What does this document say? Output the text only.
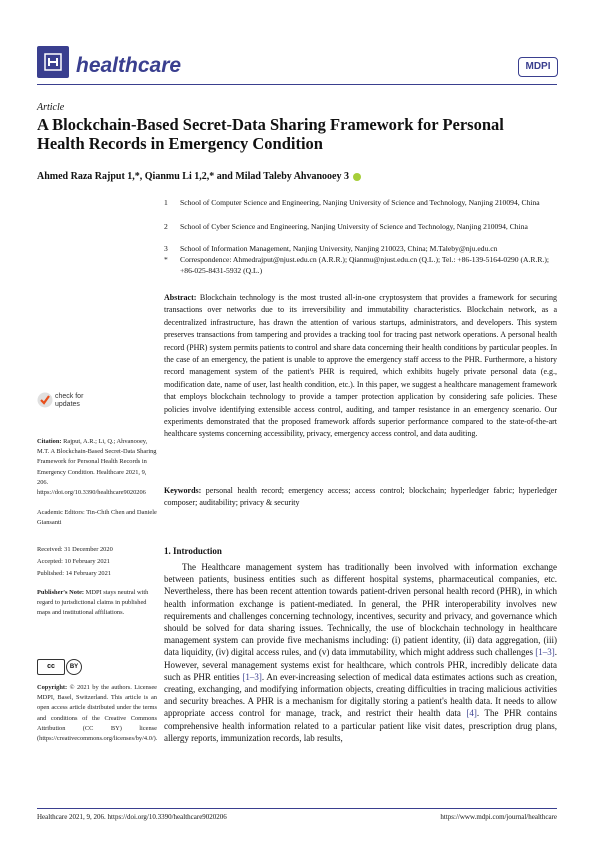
healthcare	MDPI
Article
A Blockchain-Based Secret-Data Sharing Framework for Personal Health Records in Emergency Condition
Ahmed Raza Rajput 1,*, Qianmu Li 1,2,* and Milad Taleby Ahvanooey 3
1	School of Computer Science and Engineering, Nanjing University of Science and Technology, Nanjing 210094, China
2	School of Cyber Science and Engineering, Nanjing University of Science and Technology, Nanjing 210094, China
3	School of Information Management, Nanjing University, Nanjing 210023, China; M.Taleby@nju.edu.cn
*	Correspondence: Ahmedrajput@njust.edu.cn (A.R.R.); Qianmu@njust.edu.cn (Q.L.); Tel.: +86-139-5164-0290 (A.R.R.); +86-025-8431-5932 (Q.L.)
Abstract: Blockchain technology is the most trusted all-in-one cryptosystem that provides a framework for securing transactions over networks due to its irreversibility and immutability characteristics. Blockchain network, as a decentralized infrastructure, has drawn the attention of various startups, administrators, and developers. This system preserves transactions from tampering and provides a tracking tool for tracing past network operations. A personal health record (PHR) system permits patients to control and share data concerning their health conditions by particular peoples. In the case of an emergency, the patient is unable to approve the emergency staff access to the PHR. Furthermore, a history record management system of the patient's PHR is required, which exhibits hugely private personal data (e.g., modification date, name of user, last health condition, etc.). In this paper, we suggest a healthcare management framework that employs blockchain technology to provide a tamper protection application by considering safe policies. These policies involve identifying extensible access control, auditing, and tamper resistance in an emergency scenario. Our experiments demonstrated that the proposed framework affords superior performance compared to the state-of-the-art healthcare systems concerning accessibility, privacy, emergency access control, and data auditing.
Keywords: personal health record; emergency access; access control; blockchain; hyperledger fabric; hyperledger composer; auditability; privacy & security
check for updates
Citation: Rajput, A.R.; Li, Q.; Ahvanooey, M.T. A Blockchain-Based Secret-Data Sharing Framework for Personal Health Records in Emergency Condition. Healthcare 2021, 9, 206. https://doi.org/10.3390/healthcare9020206
Academic Editors: Tin-Chih Chen and Daniele Giansanti
Received: 31 December 2020
Accepted: 10 February 2021
Published: 14 February 2021
Publisher's Note: MDPI stays neutral with regard to jurisdictional claims in published maps and institutional affiliations.
cc	BY
Copyright: © 2021 by the authors. Licensee MDPI, Basel, Switzerland. This article is an open access article distributed under the terms and conditions of the Creative Commons Attribution (CC BY) license (https://creativecommons.org/licenses/by/4.0/).
1. Introduction
  The Healthcare management system has traditionally been involved with information exchange between patients, business entities such as different hospital systems, pharmaceutical companies, etc. Nevertheless, there has been recent attention towards patient-driven personal health record (PHR), in which health information exchange is patient-mediated. In general, the PHR interoperability involves new requirements and challenges concerning technology, incentives, security and privacy, and governance which should be solved for data sharing issues. Technically, the use of blockchain technology in healthcare management system can provide five mechanisms including: (i) patient identity, (ii) data aggregation, (iii) data liquidity, (iv) digital access rules, and (v) data immutability, which might address such challenges [1–3]. However, several management systems exist for healthcare, which controls PHR, incredibly delicate data such as PHR entities [1–3]. An ever-increasing selection of medical data estimates actions such as creation, creating, exchanging, and modifying information objects, creating difficulties in tracing malicious activities and security breaches. A PHR is a mechanism for digitally storing a patient's health data. It needs to allow appropriate access control for manage, track, and restrict their health data [4]. The PHR contains comprehensive health information related to a particular patient like visit dates, prescription drug plans, allergy reports, immunization records, lab results,
Healthcare 2021, 9, 206. https://doi.org/10.3390/healthcare9020206	https://www.mdpi.com/journal/healthcare
